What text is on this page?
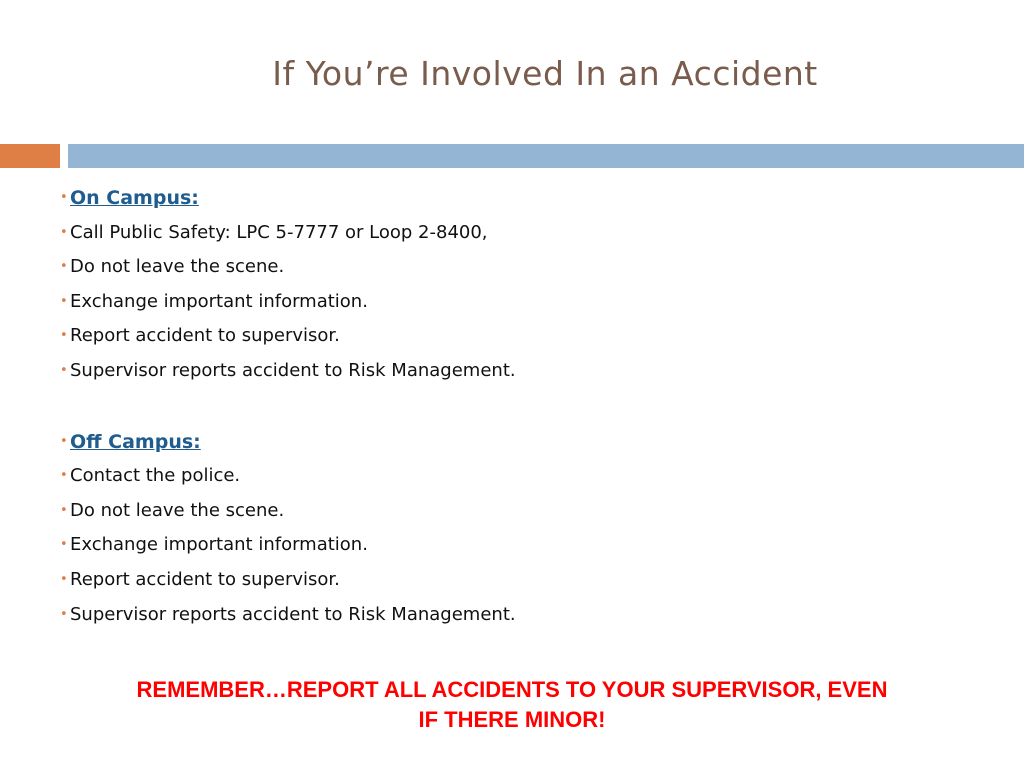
If You’re Involved In an Accident
• On Campus:
• Call Public Safety: LPC 5-7777 or Loop 2-8400,
• Do not leave the scene.
• Exchange important information.
• Report accident to supervisor.
• Supervisor reports accident to Risk Management.
• Off Campus:
• Contact the police.
• Do not leave the scene.
• Exchange important information.
• Report accident to supervisor.
• Supervisor reports accident to Risk Management.
REMEMBER…REPORT ALL ACCIDENTS TO YOUR SUPERVISOR, EVEN
IF THERE MINOR!
